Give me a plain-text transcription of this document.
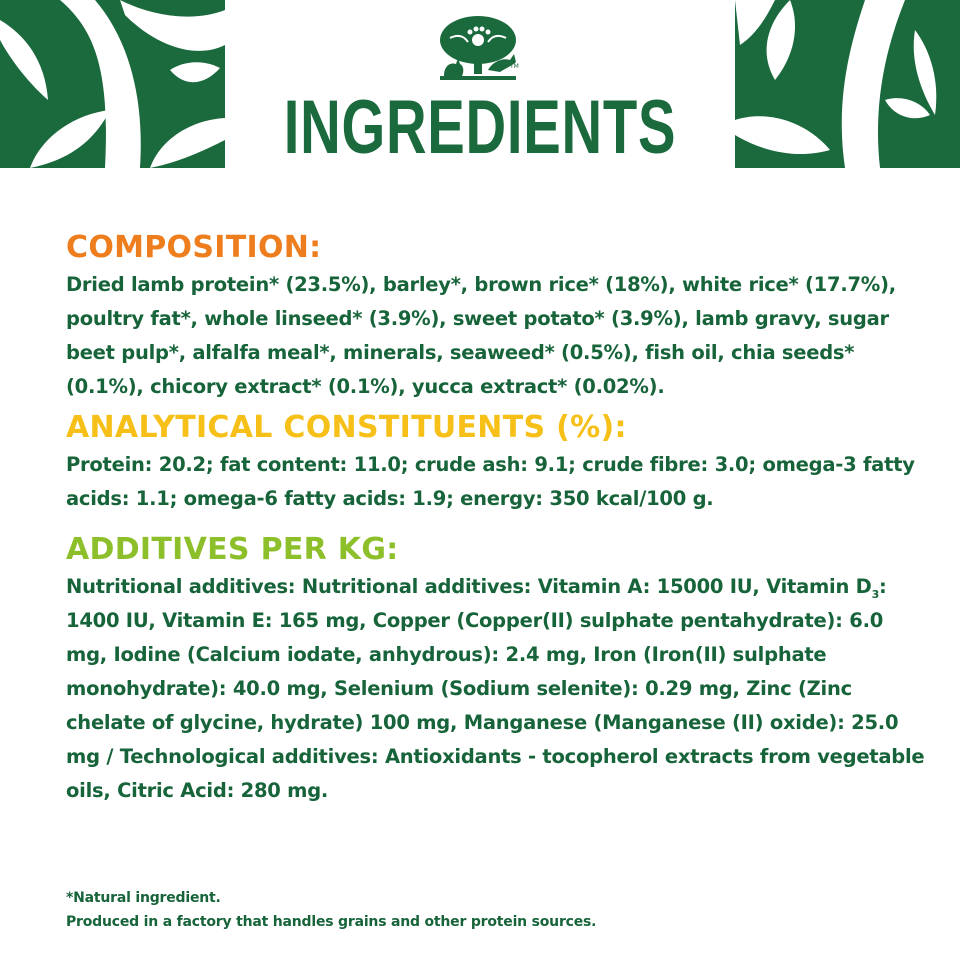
TM
INGREDIENTS
COMPOSITION:

Dried lamb protein* (23.5%), barley*, brown rice* (18%), white rice* (17.7%), poultry fat*, whole linseed* (3.9%), sweet potato* (3.9%), lamb gravy, sugar beet pulp*, alfalfa meal*, minerals, seaweed* (0.5%), fish oil, chia seeds* (0.1%), chicory extract* (0.1%), yucca extract* (0.02%).

ANALYTICAL CONSTITUENTS (%):

Protein: 20.2; fat content: 11.0; crude ash: 9.1; crude fibre: 3.0; omega-3 fatty acids: 1.1; omega-6 fatty acids: 1.9; energy: 350 kcal/100 g.

ADDITIVES PER KG:

Nutritional additives: Nutritional additives: Vitamin A: 15000 IU, Vitamin $D_3$: 1400 IU, Vitamin E: 165 mg, Copper (Copper(II) sulphate pentahydrate): 6.0 mg, Iodine (Calcium iodate, anhydrous): 2.4 mg, Iron (Iron(II) sulphate monohydrate): 40.0 mg, Selenium (Sodium selenite): 0.29 mg, Zinc (Zinc chelate of glycine, hydrate) 100 mg, Manganese (Manganese (II) oxide): 25.0 mg / Technological additives: Antioxidants - tocopherol extracts from vegetable oils, Citric Acid: 280 mg.

*Natural ingredient.

Produced in a factory that handles grains and other protein sources.
